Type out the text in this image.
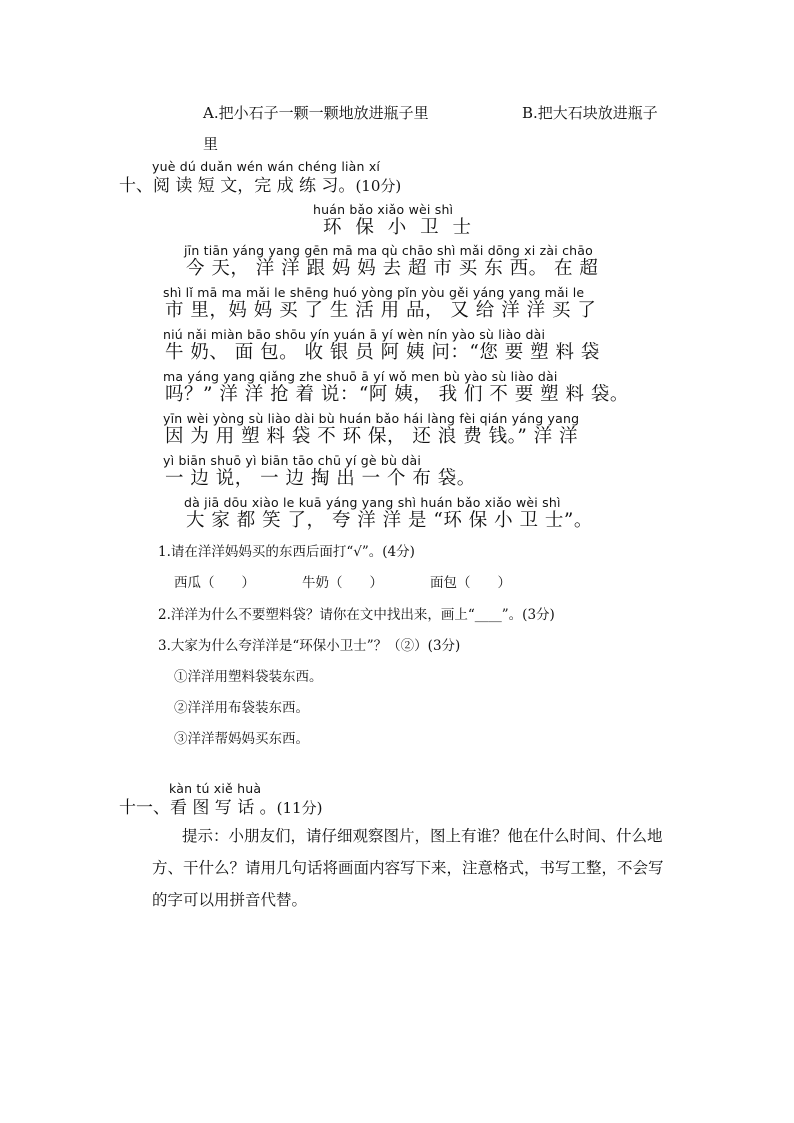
A.把小石子一颗一颗地放进瓶子里	B.把大石块放进瓶子
里
yuè dú duǎn wén wán chéng liàn xí
十、阅 读 短 文，完 成 练 习。(10分)
huán bǎo xiǎo wèi shì
环 保 小 卫 士
jīn tiān yáng yang gēn mā ma qù chāo shì mǎi dōng xi zài chāo
今 天， 洋 洋 跟 妈 妈 去 超 市 买 东 西。 在 超
shì lǐ mā ma mǎi le shēng huó yòng pǐn yòu gěi yáng yang mǎi le
市 里，妈 妈 买 了 生 活 用 品， 又 给 洋 洋 买 了
niú nǎi miàn bāo shōu yín yuán ā yí wèn nín yào sù liào dài
牛 奶、 面 包。 收 银 员 阿 姨 问：“您 要 塑 料 袋
ma yáng yang qiǎng zhe shuō ā yí wǒ men bù yào sù liào dài
吗？” 洋 洋 抢 着 说：“阿 姨， 我 们 不 要 塑 料 袋。
yīn wèi yòng sù liào dài bù huán bǎo hái làng fèi qián yáng yang
因 为 用 塑 料 袋 不 环 保， 还 浪 费 钱。” 洋 洋
yì biān shuō yì biān tāo chū yí gè bù dài
一 边 说， 一 边 掏 出 一 个 布 袋。
dà jiā dōu xiào le kuā yáng yang shì huán bǎo xiǎo wèi shì
大 家 都 笑 了， 夸 洋 洋 是 “环 保 小 卫 士”。
1.请在洋洋妈妈买的东西后面打“√”。(4分)
西瓜（　　）	牛奶（　　）	面包（　　）
2.洋洋为什么不要塑料袋？请你在文中找出来，画上“____”。(3分)
3.大家为什么夸洋洋是“环保小卫士”？（②）(3分)
①洋洋用塑料袋装东西。
②洋洋用布袋装东西。
③洋洋帮妈妈买东西。
kàn tú xiě huà
十一、看 图 写 话 。(11分)
提示：小朋友们，请仔细观察图片，图上有谁？他在什么时间、什么地方、干什么？请用几句话将画面内容写下来，注意格式，书写工整，不会写的字可以用拼音代替。
